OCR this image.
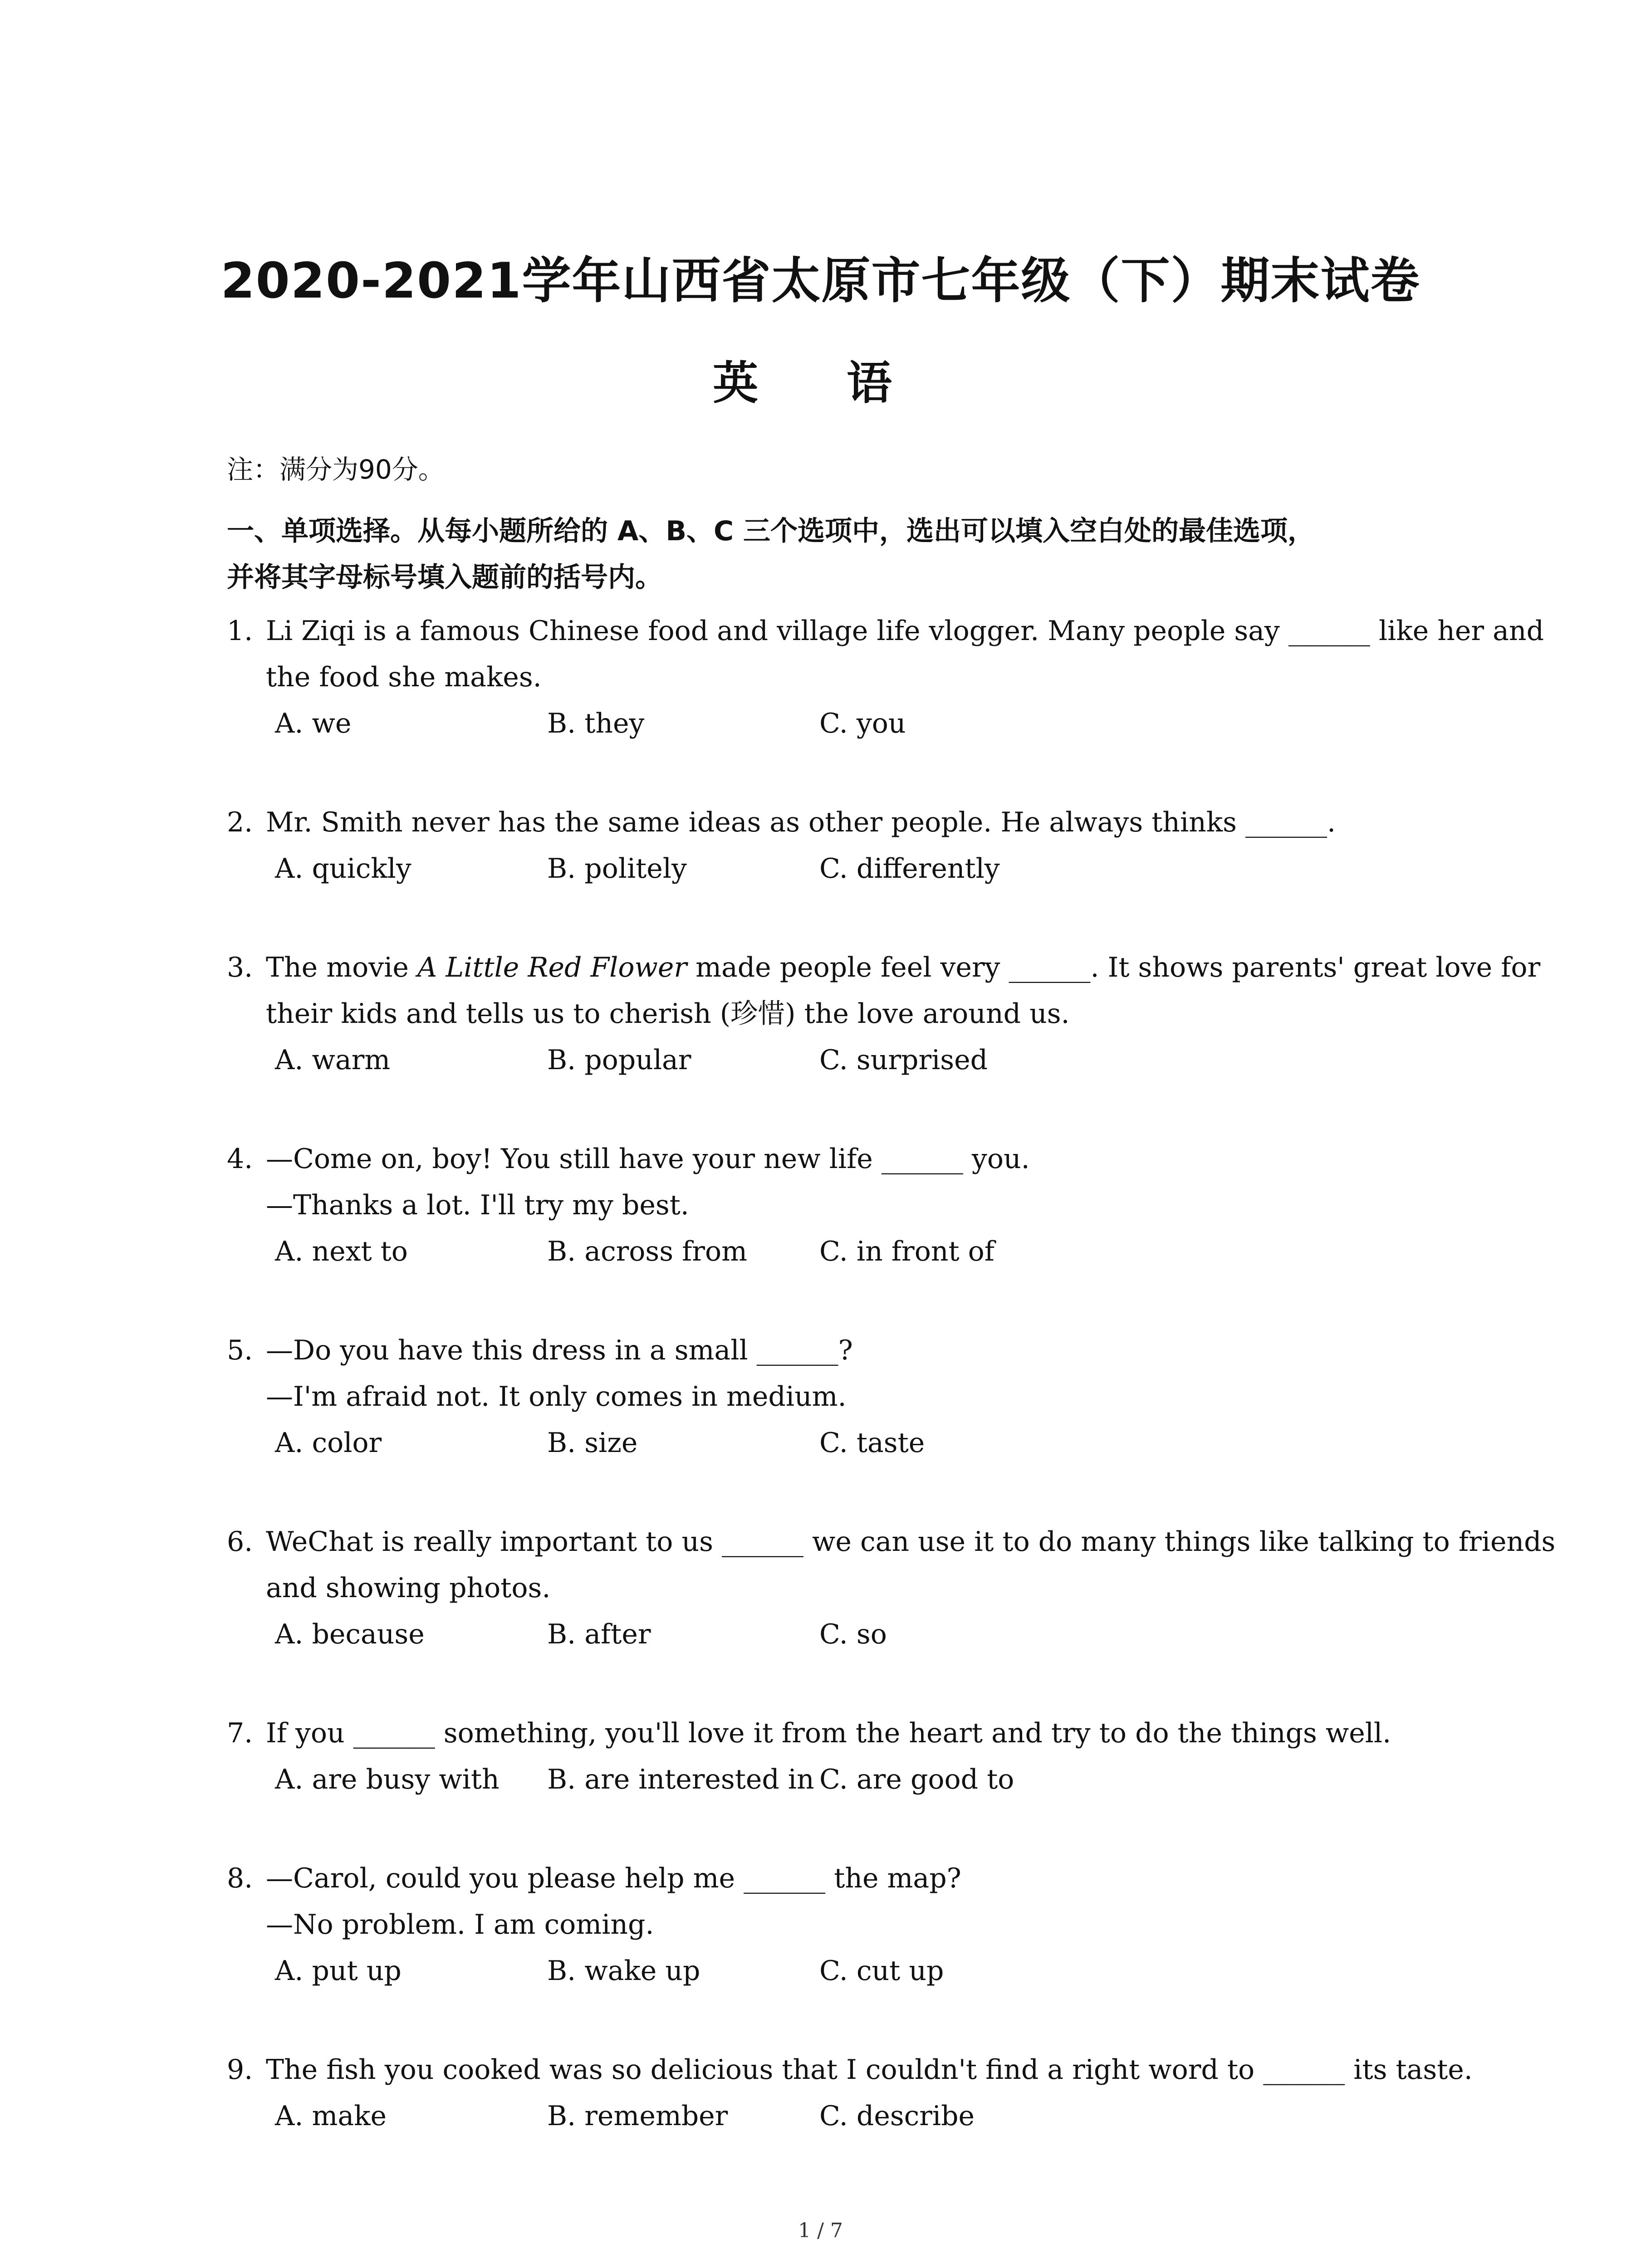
2020-2021学年山西省太原市七年级（下）期末试卷
英 语
注：满分为90分。
一、单项选择。从每小题所给的 A、B、C 三个选项中，选出可以填入空白处的最佳选项，
并将其字母标号填入题前的括号内。
1. Li Ziqi is a famous Chinese food and village life vlogger. Many people say ______ like her and
the food she makes.
A. we	B. they	C. you
2. Mr. Smith never has the same ideas as other people. He always thinks ______.
A. quickly	B. politely	C. differently
3. The movie A Little Red Flower made people feel very ______. It shows parents' great love for
their kids and tells us to cherish (珍惜) the love around us.
A. warm	B. popular	C. surprised
4. —Come on, boy! You still have your new life ______ you.
—Thanks a lot. I'll try my best.
A. next to	B. across from	C. in front of
5. —Do you have this dress in a small ______?
—I'm afraid not. It only comes in medium.
A. color	B. size	C. taste
6. WeChat is really important to us ______ we can use it to do many things like talking to friends
and showing photos.
A. because	B. after	C. so
7. If you ______ something, you'll love it from the heart and try to do the things well.
A. are busy with	B. are interested in C. are good to
8. —Carol, could you please help me ______ the map?
—No problem. I am coming.
A. put up	B. wake up	C. cut up
9. The fish you cooked was so delicious that I couldn't find a right word to ______ its taste.
A. make	B. remember	C. describe
1 / 7
